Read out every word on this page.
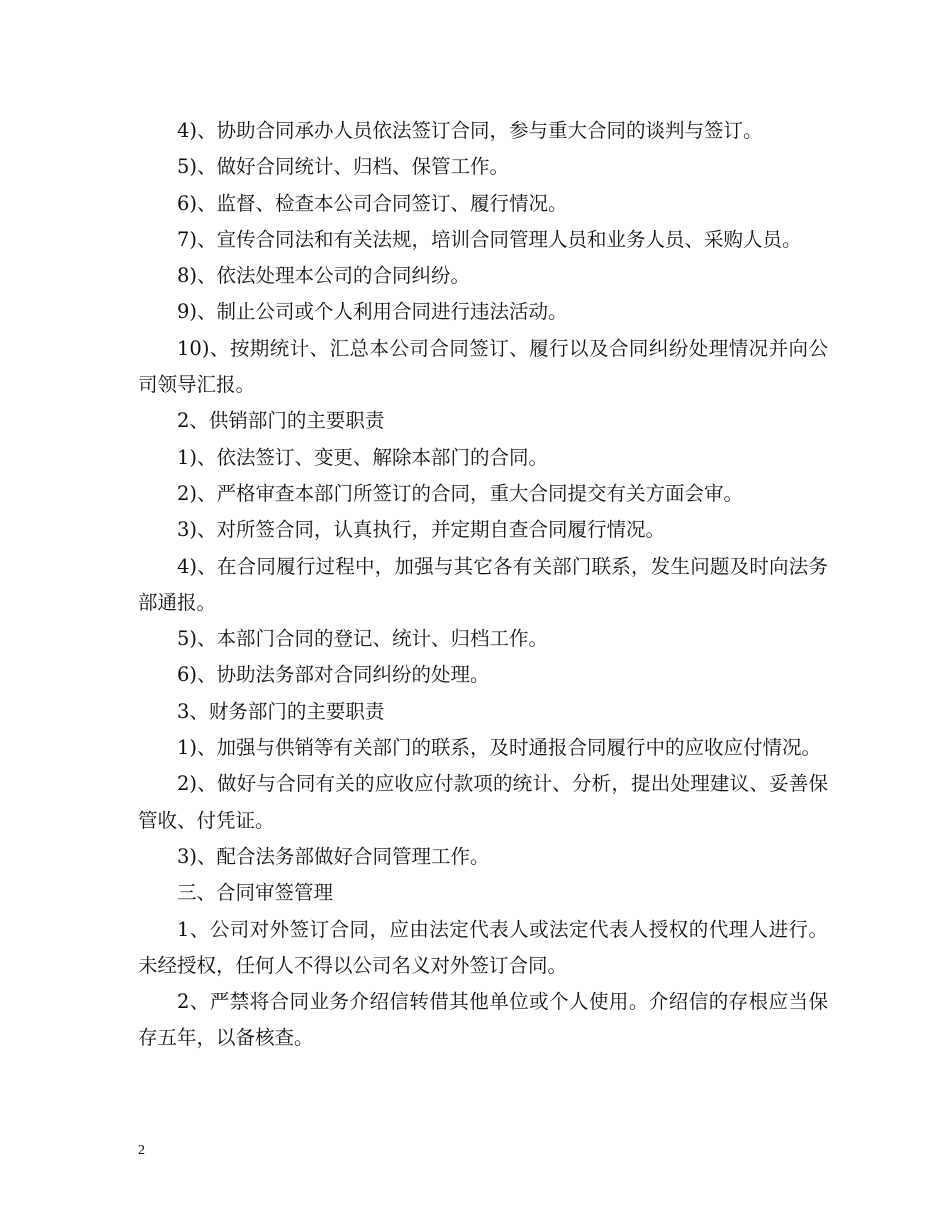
4)、协助合同承办人员依法签订合同，参与重大合同的谈判与签订。

5)、做好合同统计、归档、保管工作。

6)、监督、检查本公司合同签订、履行情况。

7)、宣传合同法和有关法规，培训合同管理人员和业务人员、采购人员。

8)、依法处理本公司的合同纠纷。

9)、制止公司或个人利用合同进行违法活动。

10)、按期统计、汇总本公司合同签订、履行以及合同纠纷处理情况并向公司领导汇报。

2、供销部门的主要职责

1)、依法签订、变更、解除本部门的合同。

2)、严格审查本部门所签订的合同，重大合同提交有关方面会审。

3)、对所签合同，认真执行，并定期自查合同履行情况。

4)、在合同履行过程中，加强与其它各有关部门联系，发生问题及时向法务部通报。

5)、本部门合同的登记、统计、归档工作。

6)、协助法务部对合同纠纷的处理。

3、财务部门的主要职责

1)、加强与供销等有关部门的联系，及时通报合同履行中的应收应付情况。

2)、做好与合同有关的应收应付款项的统计、分析，提出处理建议、妥善保管收、付凭证。

3)、配合法务部做好合同管理工作。

三、合同审签管理

1、公司对外签订合同，应由法定代表人或法定代表人授权的代理人进行。未经授权，任何人不得以公司名义对外签订合同。

2、严禁将合同业务介绍信转借其他单位或个人使用。介绍信的存根应当保存五年，以备核查。

2
